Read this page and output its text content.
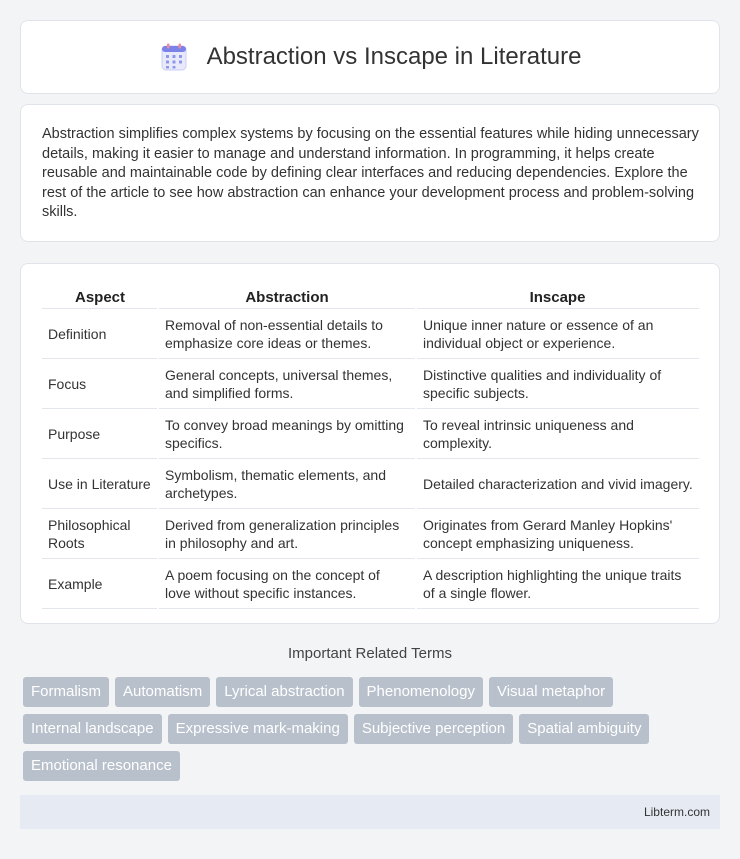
Abstraction vs Inscape in Literature

Abstraction simplifies complex systems by focusing on the essential features while hiding unnecessary details, making it easier to manage and understand information. In programming, it helps create reusable and maintainable code by defining clear interfaces and reducing dependencies. Explore the rest of the article to see how abstraction can enhance your development process and problem-solving skills.

Aspect	Abstraction	Inscape
Definition	Removal of non-essential details to emphasize core ideas or themes.	Unique inner nature or essence of an individual object or experience.
Focus	General concepts, universal themes, and simplified forms.	Distinctive qualities and individuality of specific subjects.
Purpose	To convey broad meanings by omitting specifics.	To reveal intrinsic uniqueness and complexity.
Use in Literature	Symbolism, thematic elements, and archetypes.	Detailed characterization and vivid imagery.
Philosophical Roots	Derived from generalization principles in philosophy and art.	Originates from Gerard Manley Hopkins' concept emphasizing uniqueness.
Example	A poem focusing on the concept of love without specific instances.	A description highlighting the unique traits of a single flower.
Important Related Terms
Formalism	Automatism	Lyrical abstraction	Phenomenology	Visual metaphor
Internal landscape	Expressive mark-making	Subjective perception	Spatial ambiguity
Emotional resonance
Libterm.com
